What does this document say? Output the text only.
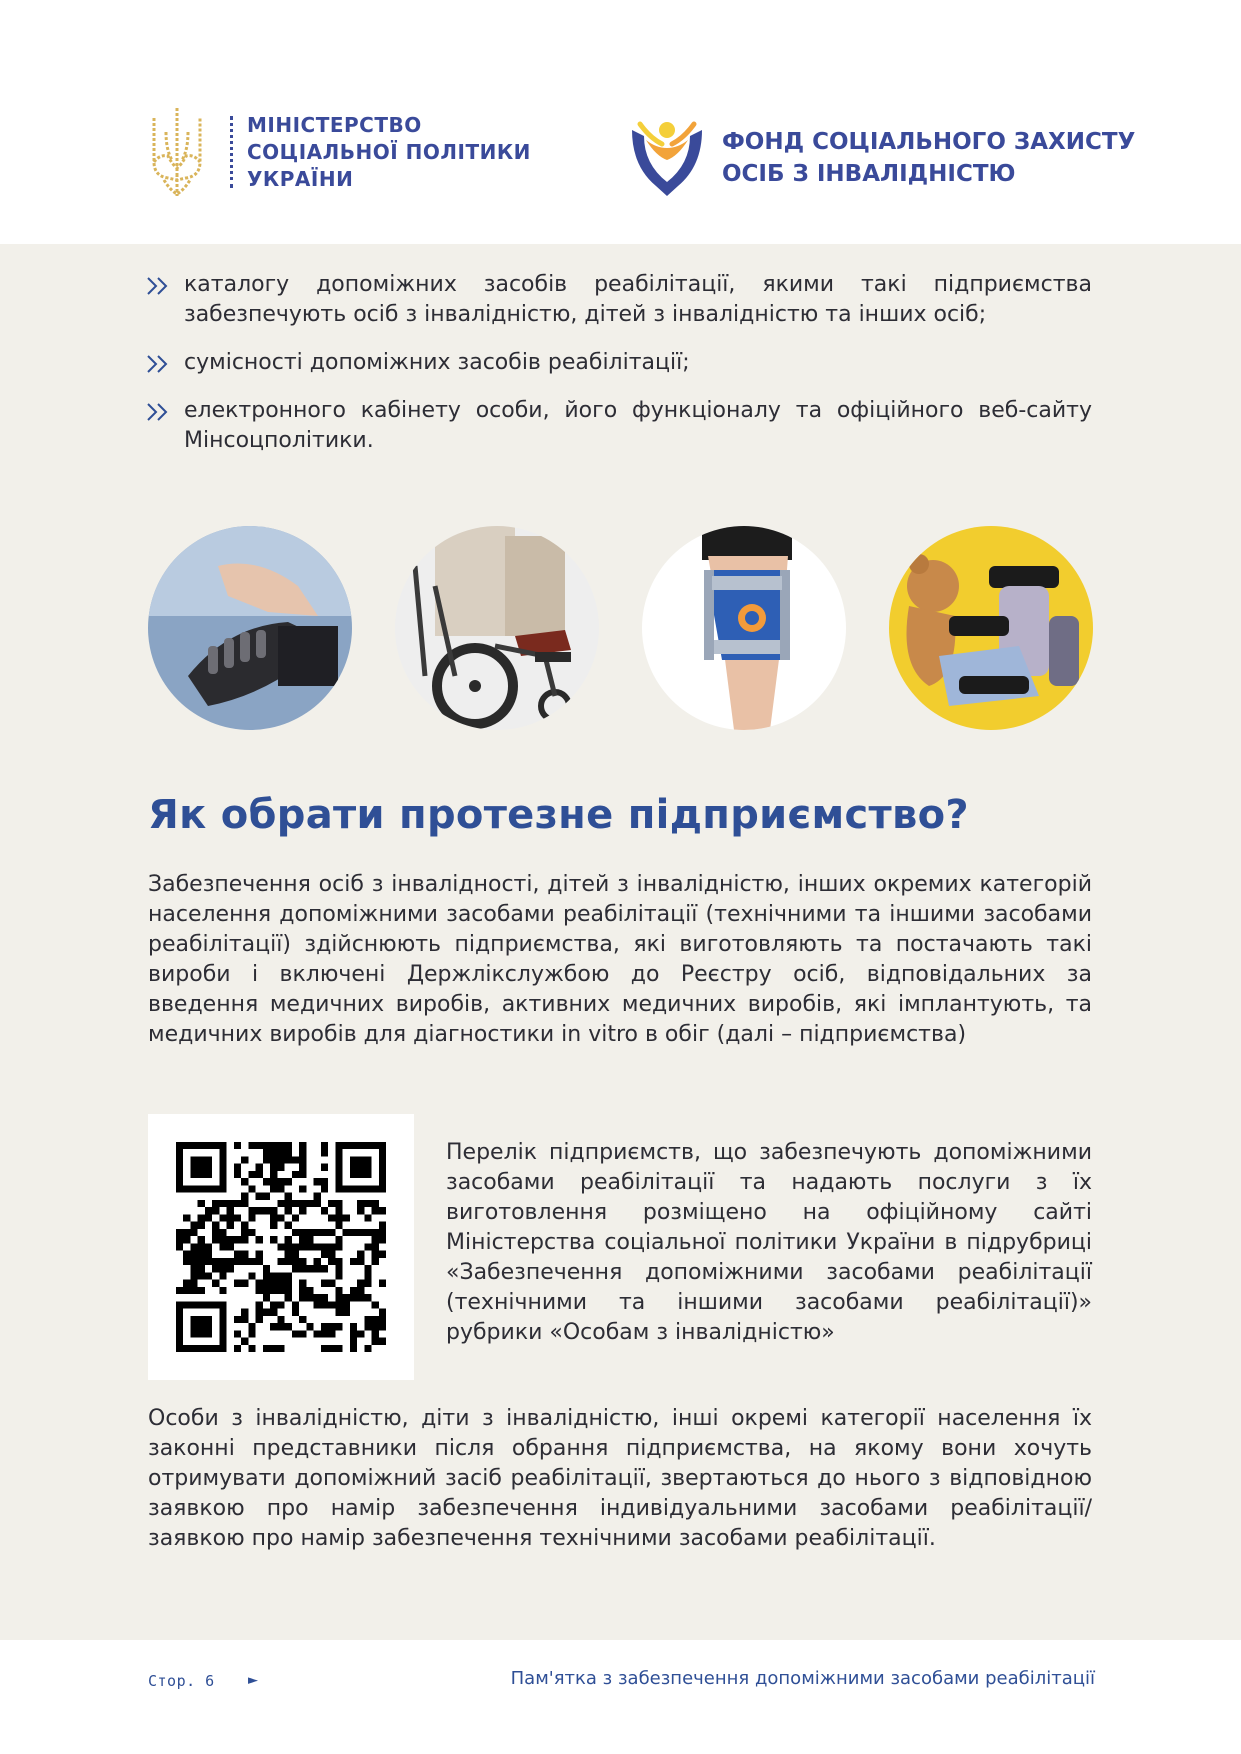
МІНІСТЕРСТВО
СОЦІАЛЬНОЇ ПОЛІТИКИ
УКРАЇНИ
ФОНД СОЦІАЛЬНОГО ЗАХИСТУ
ОСІБ З ІНВАЛІДНІСТЮ
каталогу допоміжних засобів реабілітації, якими такі підприємства забезпечують осіб з інвалідністю, дітей з інвалідністю та інших осіб;
сумісності допоміжних засобів реабілітації;
електронного кабінету особи, його функціоналу та офіційного веб-сайту Мінсоцполітики.
Як обрати протезне підприємство?

Забезпечення осіб з інвалідності, дітей з інвалідністю, інших окремих категорій населення допоміжними засобами реабілітації (технічними та іншими засобами реабілітації) здійснюють підприємства, які виготовляють та постачають такі вироби і включені Держлікслужбою до Реєстру осіб, відповідальних за введення медичних виробів, активних медичних виробів, які імплантують, та медичних виробів для діагностики in vitro в обіг (далі – підприємства)

Перелік підприємств, що забезпечують допоміжними засобами реабілітації та надають послуги з їх виготовлення розміщено на офіційному сайті Міністерства соціальної політики України в підрубриці «Забезпечення допоміжними засобами реабілітації (технічними та іншими засобами реабілітації)» рубрики «Особам з інвалідністю»

Особи з інвалідністю, діти з інвалідністю, інші окремі категорії населення їх законні представники після обрання підприємства, на якому вони хочуть отримувати допоміжний засіб реабілітації, звертаються до нього з відповідною заявкою про намір забезпечення індивідуальними засобами реабілітації/заявкою про намір забезпечення технічними засобами реабілітації.

Стор. 6	►	Пам'ятка з забезпечення допоміжними засобами реабілітації
